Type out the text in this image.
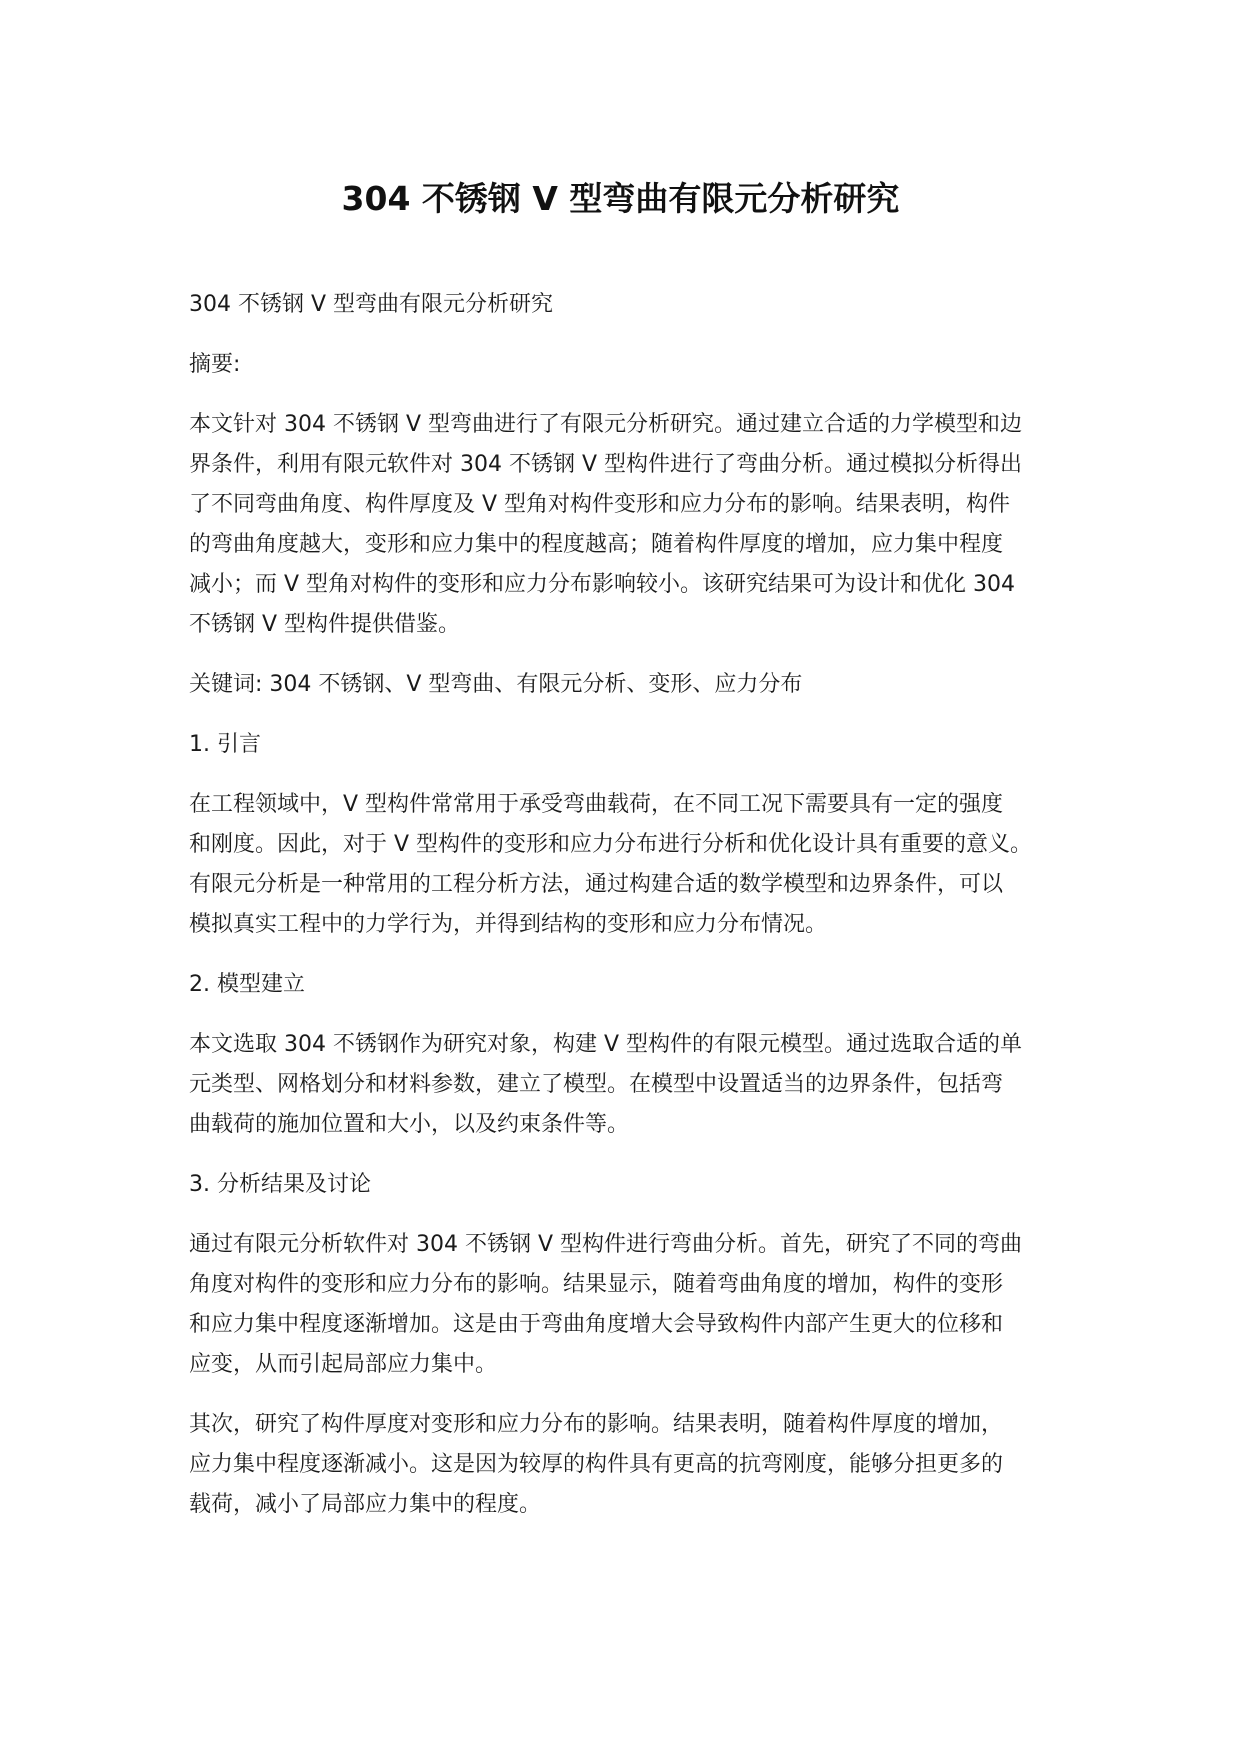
304 不锈钢 V 型弯曲有限元分析研究

304 不锈钢 V 型弯曲有限元分析研究

摘要:

本文针对 304 不锈钢 V 型弯曲进行了有限元分析研究。通过建立合适的力学模型和边
界条件，利用有限元软件对 304 不锈钢 V 型构件进行了弯曲分析。通过模拟分析得出
了不同弯曲角度、构件厚度及 V 型角对构件变形和应力分布的影响。结果表明，构件
的弯曲角度越大，变形和应力集中的程度越高；随着构件厚度的增加，应力集中程度
减小；而 V 型角对构件的变形和应力分布影响较小。该研究结果可为设计和优化 304
不锈钢 V 型构件提供借鉴。

关键词: 304 不锈钢、V 型弯曲、有限元分析、变形、应力分布

1. 引言

在工程领域中，V 型构件常常用于承受弯曲载荷，在不同工况下需要具有一定的强度
和刚度。因此，对于 V 型构件的变形和应力分布进行分析和优化设计具有重要的意义。
有限元分析是一种常用的工程分析方法，通过构建合适的数学模型和边界条件，可以
模拟真实工程中的力学行为，并得到结构的变形和应力分布情况。

2. 模型建立

本文选取 304 不锈钢作为研究对象，构建 V 型构件的有限元模型。通过选取合适的单
元类型、网格划分和材料参数，建立了模型。在模型中设置适当的边界条件，包括弯
曲载荷的施加位置和大小，以及约束条件等。

3. 分析结果及讨论

通过有限元分析软件对 304 不锈钢 V 型构件进行弯曲分析。首先，研究了不同的弯曲
角度对构件的变形和应力分布的影响。结果显示，随着弯曲角度的增加，构件的变形
和应力集中程度逐渐增加。这是由于弯曲角度增大会导致构件内部产生更大的位移和
应变，从而引起局部应力集中。

其次，研究了构件厚度对变形和应力分布的影响。结果表明，随着构件厚度的增加，
应力集中程度逐渐减小。这是因为较厚的构件具有更高的抗弯刚度，能够分担更多的
载荷，减小了局部应力集中的程度。
